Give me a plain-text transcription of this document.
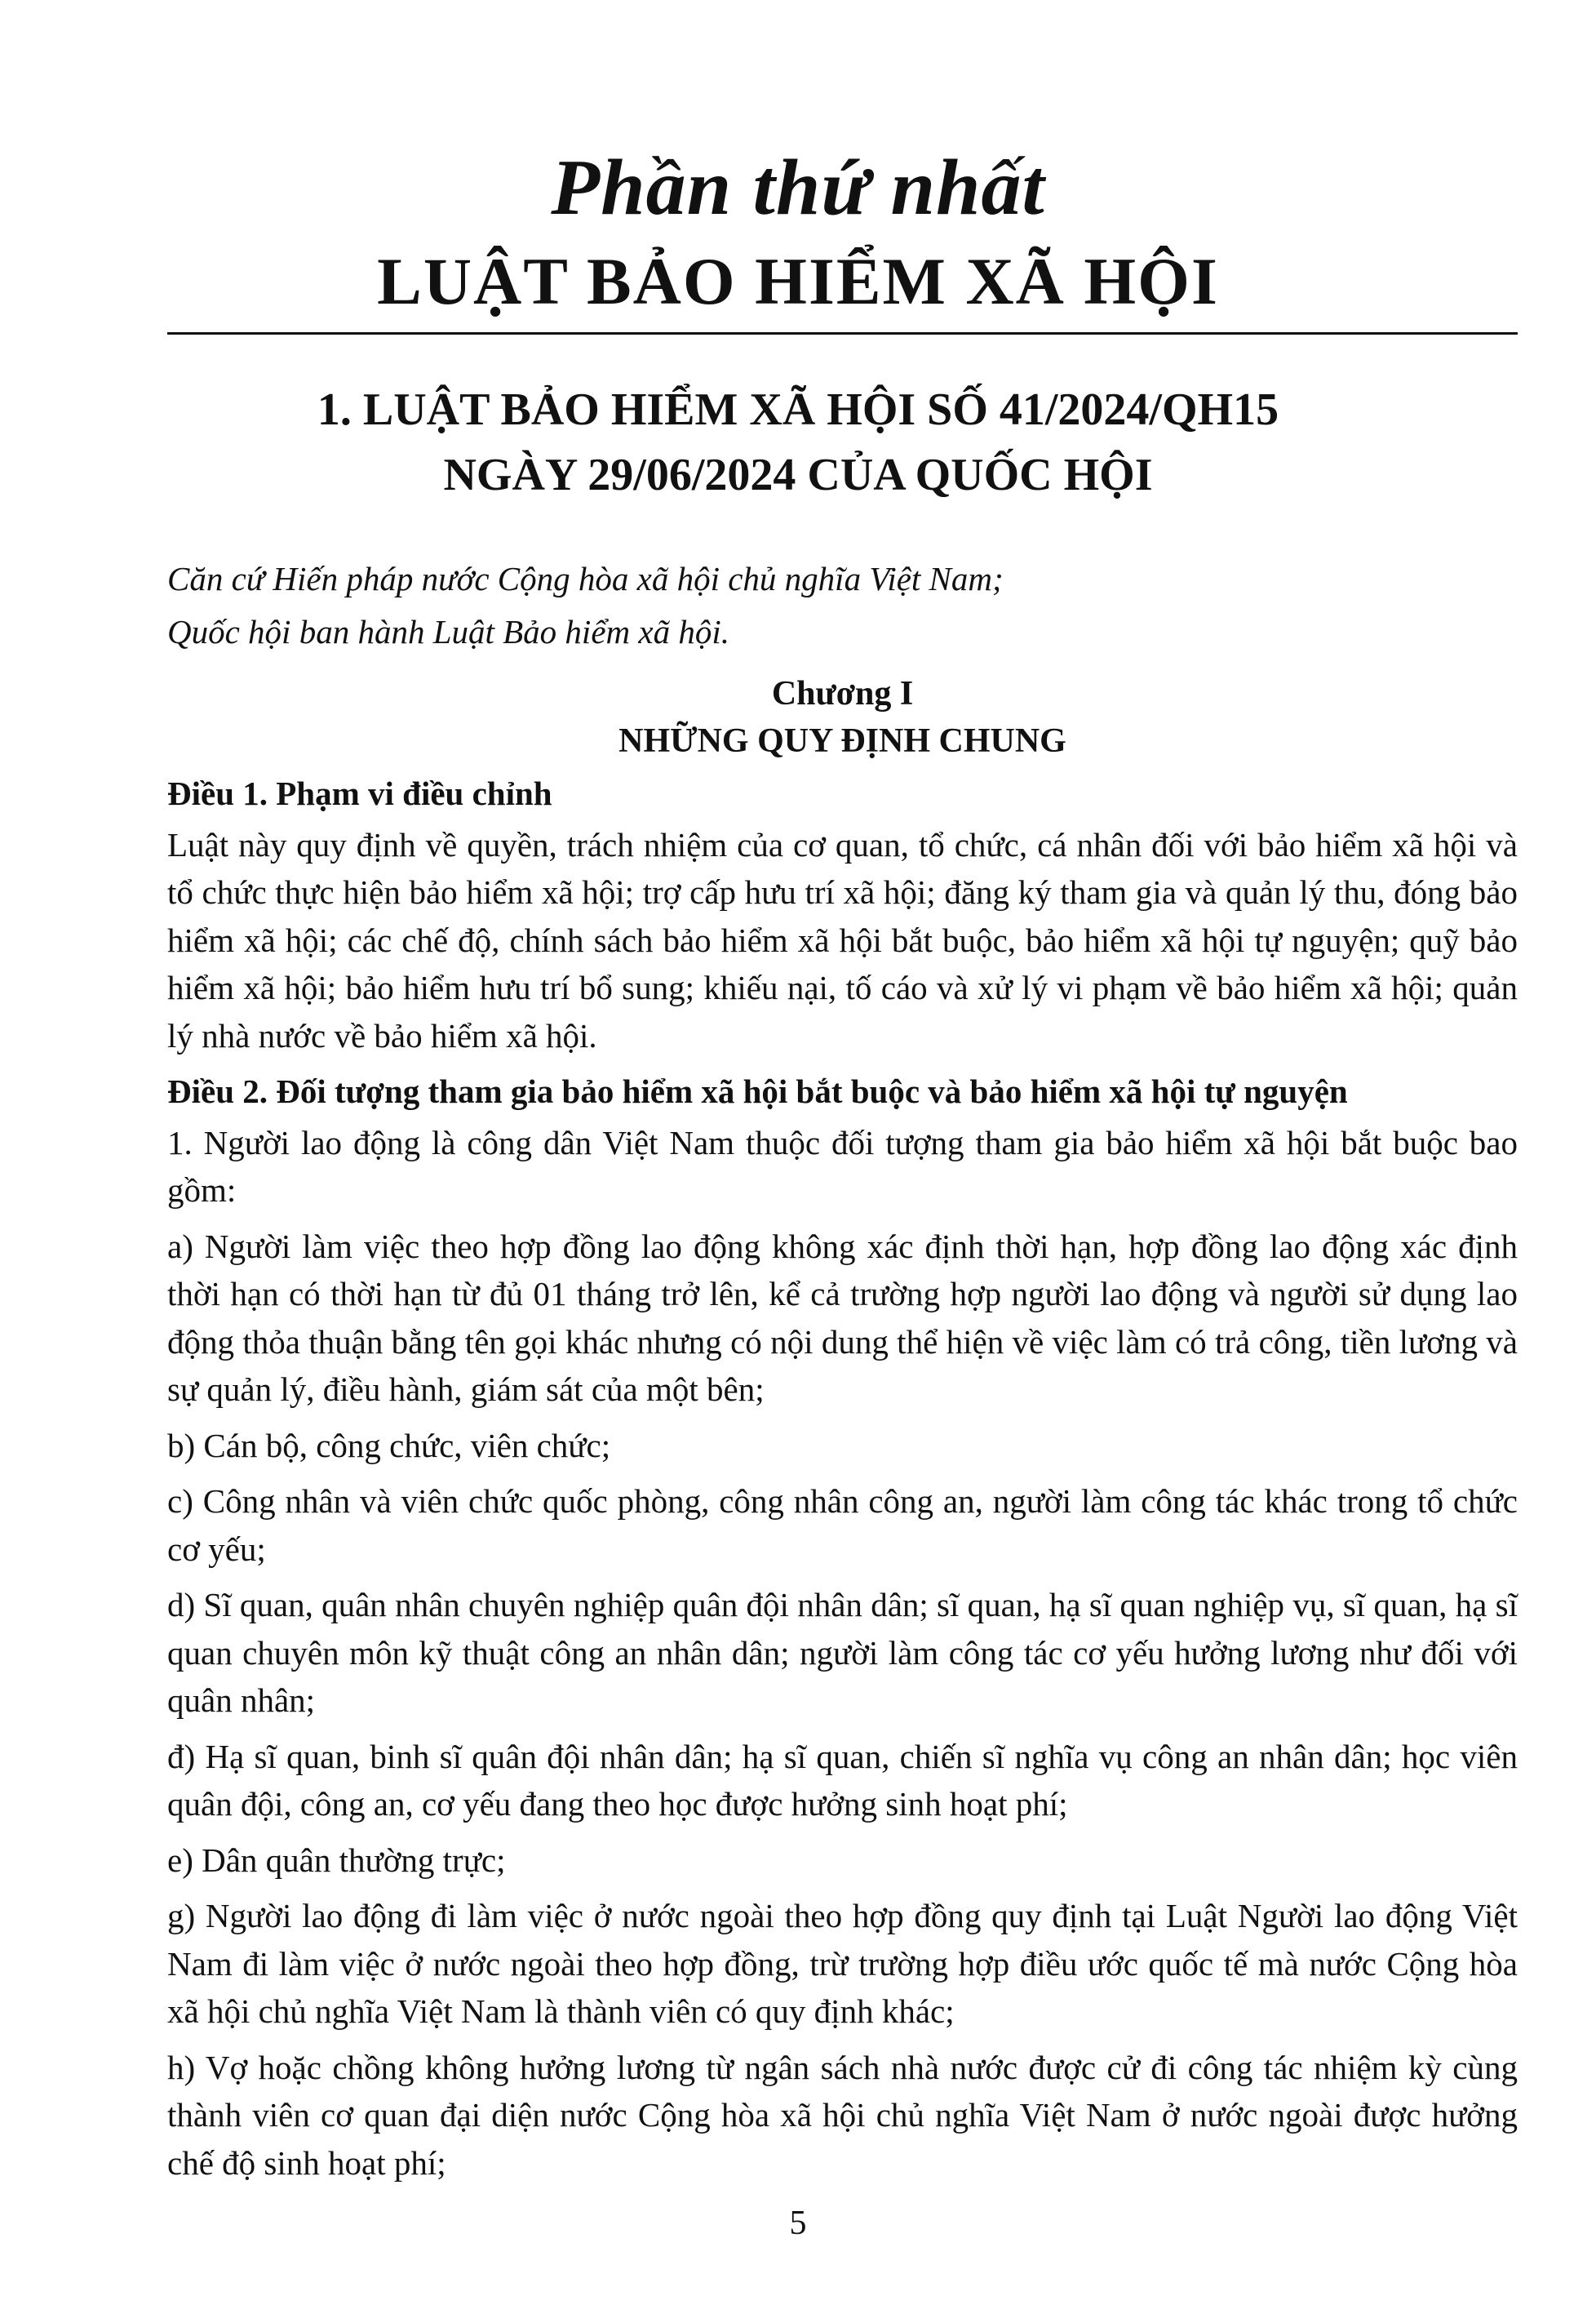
Phần thứ nhất
LUẬT BẢO HIỂM XÃ HỘI
1. LUẬT BẢO HIỂM XÃ HỘI SỐ 41/2024/QH15
NGÀY 29/06/2024 CỦA QUỐC HỘI

Căn cứ Hiến pháp nước Cộng hòa xã hội chủ nghĩa Việt Nam;

Quốc hội ban hành Luật Bảo hiểm xã hội.

Chương I
NHỮNG QUY ĐỊNH CHUNG

Điều 1. Phạm vi điều chỉnh

Luật này quy định về quyền, trách nhiệm của cơ quan, tổ chức, cá nhân đối với bảo hiểm xã hội và tổ chức thực hiện bảo hiểm xã hội; trợ cấp hưu trí xã hội; đăng ký tham gia và quản lý thu, đóng bảo hiểm xã hội; các chế độ, chính sách bảo hiểm xã hội bắt buộc, bảo hiểm xã hội tự nguyện; quỹ bảo hiểm xã hội; bảo hiểm hưu trí bổ sung; khiếu nại, tố cáo và xử lý vi phạm về bảo hiểm xã hội; quản lý nhà nước về bảo hiểm xã hội.

Điều 2. Đối tượng tham gia bảo hiểm xã hội bắt buộc và bảo hiểm xã hội tự nguyện

1. Người lao động là công dân Việt Nam thuộc đối tượng tham gia bảo hiểm xã hội bắt buộc bao gồm:

a) Người làm việc theo hợp đồng lao động không xác định thời hạn, hợp đồng lao động xác định thời hạn có thời hạn từ đủ 01 tháng trở lên, kể cả trường hợp người lao động và người sử dụng lao động thỏa thuận bằng tên gọi khác nhưng có nội dung thể hiện về việc làm có trả công, tiền lương và sự quản lý, điều hành, giám sát của một bên;

b) Cán bộ, công chức, viên chức;

c) Công nhân và viên chức quốc phòng, công nhân công an, người làm công tác khác trong tổ chức cơ yếu;

d) Sĩ quan, quân nhân chuyên nghiệp quân đội nhân dân; sĩ quan, hạ sĩ quan nghiệp vụ, sĩ quan, hạ sĩ quan chuyên môn kỹ thuật công an nhân dân; người làm công tác cơ yếu hưởng lương như đối với quân nhân;

đ) Hạ sĩ quan, binh sĩ quân đội nhân dân; hạ sĩ quan, chiến sĩ nghĩa vụ công an nhân dân; học viên quân đội, công an, cơ yếu đang theo học được hưởng sinh hoạt phí;

e) Dân quân thường trực;

g) Người lao động đi làm việc ở nước ngoài theo hợp đồng quy định tại Luật Người lao động Việt Nam đi làm việc ở nước ngoài theo hợp đồng, trừ trường hợp điều ước quốc tế mà nước Cộng hòa xã hội chủ nghĩa Việt Nam là thành viên có quy định khác;

h) Vợ hoặc chồng không hưởng lương từ ngân sách nhà nước được cử đi công tác nhiệm kỳ cùng thành viên cơ quan đại diện nước Cộng hòa xã hội chủ nghĩa Việt Nam ở nước ngoài được hưởng chế độ sinh hoạt phí;

5
